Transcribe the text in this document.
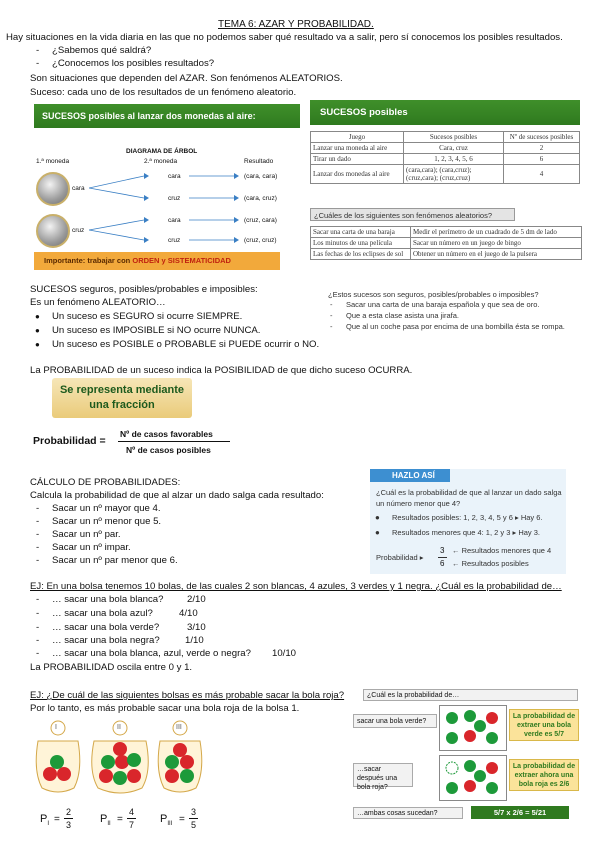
TEMA 6: AZAR Y PROBABILIDAD.
Hay situaciones en la vida diaria en las que no podemos saber qué resultado va a salir, pero sí conocemos los posibles resultados.
- ¿Sabemos qué saldrá?
- ¿Conocemos los posibles resultados?
Son situaciones que dependen del AZAR. Son fenómenos ALEATORIOS.
Suceso: cada uno de los resultados de un fenómeno aleatorio.
SUCESOS posibles al lanzar dos monedas al aire:
DIAGRAMA DE ÁRBOL
1.ª moneda	2.ª moneda	Resultado
cara
cruz
cara
cruz
cara
cruz
(cara, cara)
(cara, cruz)
(cruz, cara)
(cruz, cruz)
Importante: trabajar con ORDEN y SISTEMATICIDAD
SUCESOS posibles
Juego	Sucesos posibles	Nº de sucesos posibles
Lanzar una moneda al aire	Cara, cruz	2
Tirar un dado	1, 2, 3, 4, 5, 6	6
Lanzar dos monedas al aire	(cara,cara); (cara,cruz); (cruz,cara); (cruz,cruz)	4
¿Cuáles de los siguientes son fenómenos aleatorios?
Sacar una carta de una baraja	Medir el perímetro de un cuadrado de 5 dm de lado
Los minutos de una película	Sacar un número en un juego de bingo
Las fechas de los eclipses de sol	Obtener un número en el juego de la pulsera
SUCESOS seguros, posibles/probables e imposibles:
Es un fenómeno ALEATORIO…
● Un suceso es SEGURO si ocurre SIEMPRE.
● Un suceso es IMPOSIBLE si NO ocurre NUNCA.
● Un suceso es POSIBLE o PROBABLE si PUEDE ocurrir o NO.
¿Estos sucesos son seguros, posibles/probables o imposibles?
- Sacar una carta de una baraja española y que sea de oro.
- Que a esta clase asista una jirafa.
- Que al un coche pasa por encima de una bombilla ésta se rompa.
La PROBABILIDAD de un suceso indica la POSIBILIDAD de que dicho suceso OCURRA.
Se representa mediante
una fracción
Probabilidad =
Nº de casos favorables
Nº de casos posibles
CÁLCULO DE PROBABILIDADES:
Calcula la probabilidad de que al alzar un dado salga cada resultado:
- Sacar un nº mayor que 4.
- Sacar un nº menor que 5.
- Sacar un nº par.
- Sacar un nº impar.
- Sacar un nº par menor que 6.
HAZLO ASÍ
¿Cuál es la probabilidad de que al lanzar un dado salga un número menor que 4?
● Resultados posibles: 1, 2, 3, 4, 5 y 6 ▸ Hay 6.
● Resultados menores que 4: 1, 2 y 3 ▸ Hay 3.
Probabilidad ▸
3
6
← Resultados menores que 4
← Resultados posibles
EJ: En una bolsa tenemos 10 bolas, de las cuales 2 son blancas, 4 azules, 3 verdes y 1 negra. ¿Cuál es la probabilidad de…
- … sacar una bola blanca? 2/10
- … sacar una bola azul?	4/10
- … sacar una bola verde?	3/10
- … sacar una bola negra?	1/10
- … sacar una bola blanca, azul, verde o negra? 10/10
La PROBABILIDAD oscila entre 0 y 1.
EJ: ¿De cuál de las siguientes bolsas es más probable sacar la bola roja?
Por lo tanto, es más probable sacar una bola roja de la bolsa 1.
I	II	III
$P_I$ =
2
3	$P_{II}$ =
4
7 $P_{III}$ =
3
5
¿Cuál es la probabilidad de…
sacar una bola verde?
…sacar después una bola roja?
…ambas cosas sucedan?
La probabilidad de extraer una bola verde es 5/7
La probabilidad de extraer ahora una bola roja es 2/6
5/7 x 2/6 = 5/21
